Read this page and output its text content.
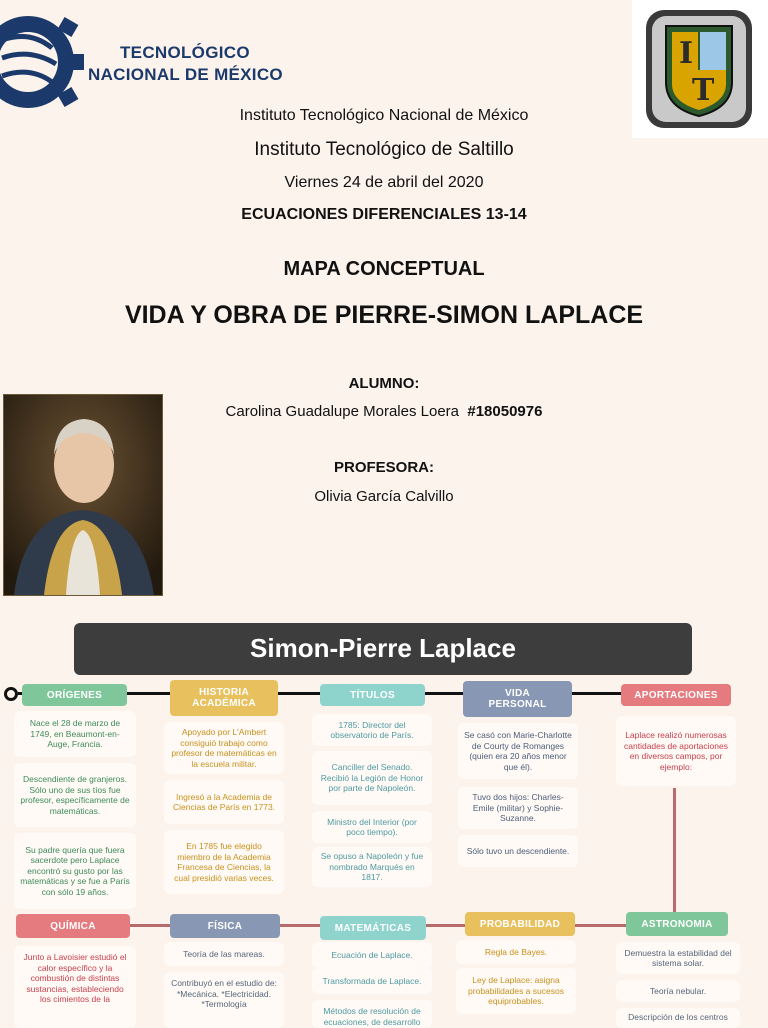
TECNOLÓGICO
NACIONAL DE MÉXICO
I
T
Instituto Tecnológico Nacional de México
Instituto Tecnológico de Saltillo
Viernes 24 de abril del 2020
ECUACIONES DIFERENCIALES 13-14
MAPA CONCEPTUAL
VIDA Y OBRA DE PIERRE-SIMON LAPLACE
ALUMNO:
Carolina Guadalupe Morales Loera #18050976
PROFESORA:
Olivia García Calvillo
Simon-Pierre Laplace
ORÍGENES	HISTORIA ACADÉMICA
TÍTULOS	VIDA PERSONAL
APORTACIONES
Nace el 28 de marzo de 1749, en Beaumont-en-Auge, Francia.
Descendiente de granjeros. Sólo uno de sus tíos fue profesor, específicamente de matemáticas.
Su padre quería que fuera sacerdote pero Laplace encontró su gusto por las matemáticas y se fue a París con sólo 19 años.
Apoyado por L'Ambert consiguió trabajo como profesor de matemáticas en la escuela militar.
Ingresó a la Academia de Ciencias de París en 1773.
En 1785 fue elegido miembro de la Academia Francesa de Ciencias, la cual presidió varias veces.
1785: Director del observatorio de París.
Canciller del Senado. Recibió la Legión de Honor por parte de Napoleón.
Ministro del Interior (por poco tiempo).
Se opuso a Napoleón y fue nombrado Marqués en 1817.
Se casó con Marie-Charlotte de Courty de Romanges (quien era 20 años menor que él).
Tuvo dos hijos: Charles-Emile (militar) y Sophie-Suzanne.
Sólo tuvo un descendiente.
Laplace realizó numerosas cantidades de aportaciones en diversos campos, por ejemplo:
QUÍMICA	FÍSICA	MATEMÁTICAS	PROBABILIDAD	ASTRONOMIA
Junto a Lavoisier estudió el calor específico y la combustión de distintas sustancias, estableciendo los cimientos de la
Teoría de las mareas.
Contribuyó en el estudio de: *Mecánica. *Electricidad. *Termología
Ecuación de Laplace.
Transformada de Laplace.
Métodos de resolución de ecuaciones, de desarrollo
Regla de Bayes.
Ley de Laplace: asigna probabilidades a sucesos equiprobables.
Demuestra la estabilidad del sistema solar.
Teoría nebular.
Descripción de los centros
